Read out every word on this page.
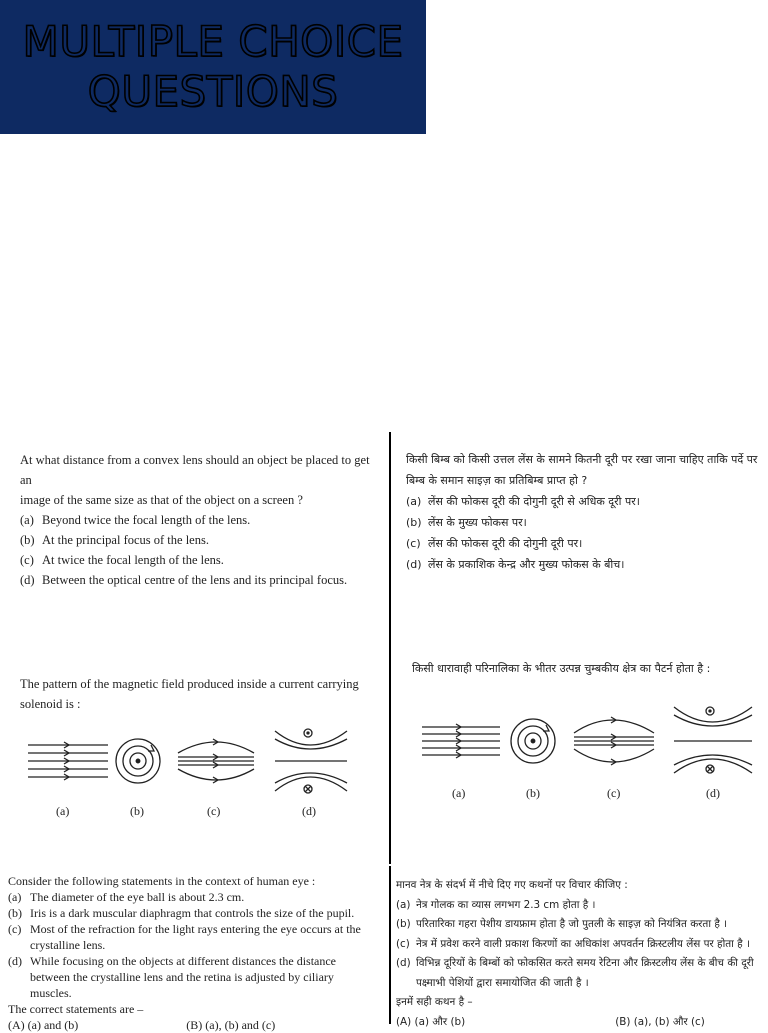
MULTIPLE CHOICE
QUESTIONS
At what distance from a convex lens should an object be placed to get an
image of the same size as that of the object on a screen ?
(a) Beyond twice the focal length of the lens.
(b) At the principal focus of the lens.
(c) At twice the focal length of the lens.
(d) Between the optical centre of the lens and its principal focus.
किसी बिम्ब को किसी उत्तल लेंस के सामने कितनी दूरी पर रखा जाना चाहिए ताकि पर्दे पर
बिम्ब के समान साइज़ का प्रतिबिम्ब प्राप्त हो ?
(a) लेंस की फोकस दूरी की दोगुनी दूरी से अधिक दूरी पर।
(b) लेंस के मुख्य फोकस पर।
(c) लेंस की फोकस दूरी की दोगुनी दूरी पर।
(d) लेंस के प्रकाशिक केन्द्र और मुख्य फोकस के बीच।
The pattern of the magnetic field produced inside a current carrying
solenoid is :
(a)	(b)	(c)	(d)
किसी धारावाही परिनालिका के भीतर उत्पन्न चुम्बकीय क्षेत्र का पैटर्न होता है :
(a)	(b)	(c)	(d)
Consider the following statements in the context of human eye :
(a) The diameter of the eye ball is about 2.3 cm.
(b) Iris is a dark muscular diaphragm that controls the size of the pupil.
(c) Most of the refraction for the light rays entering the eye occurs at the
crystalline lens.
(d) While focusing on the objects at different distances the distance
between the crystalline lens and the retina is adjusted by ciliary
muscles.
The correct statements are –
(A) (a) and (b)	(B) (a), (b) and (c)
मानव नेत्र के संदर्भ में नीचे दिए गए कथनों पर विचार कीजिए :
(a) नेत्र गोलक का व्यास लगभग 2.3 cm होता है ।
(b) परितारिका गहरा पेशीय डायफ्राम होता है जो पुतली के साइज़ को नियंत्रित करता है ।
(c) नेत्र में प्रवेश करने वाली प्रकाश किरणों का अधिकांश अपवर्तन क्रिस्टलीय लेंस पर होता है ।
(d) विभिन्न दूरियों के बिम्बों को फोकसित करते समय रेटिना और क्रिस्टलीय लेंस के बीच की दूरी
पक्ष्माभी पेशियों द्वारा समायोजित की जाती है ।
इनमें सही कथन है –
(A) (a) और (b)	(B) (a), (b) और (c)
